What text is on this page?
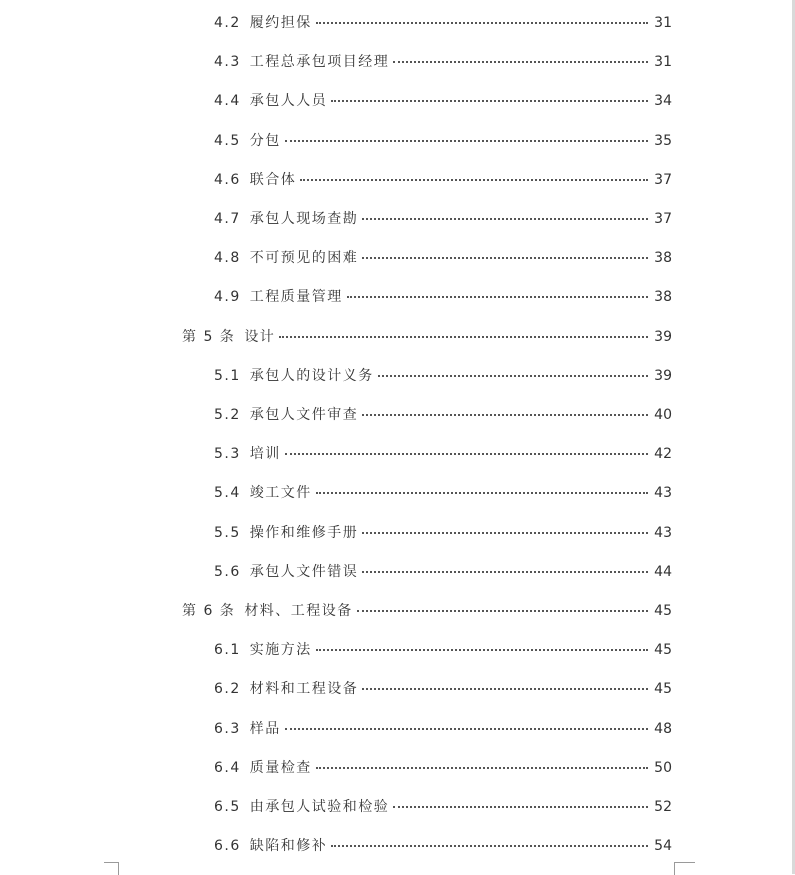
4.2 履约担保	31
4.3 工程总承包项目经理	31
4.4 承包人人员	34
4.5 分包	35
4.6 联合体	37
4.7 承包人现场查勘	37
4.8 不可预见的困难	38
4.9 工程质量管理	38
第 5 条 设计	39
5.1 承包人的设计义务	39
5.2 承包人文件审查	40
5.3 培训	42
5.4 竣工文件	43
5.5 操作和维修手册	43
5.6 承包人文件错误	44
第 6 条 材料、工程设备	45
6.1 实施方法	45
6.2 材料和工程设备	45
6.3 样品	48
6.4 质量检查	50
6.5 由承包人试验和检验	52
6.6 缺陷和修补	54
